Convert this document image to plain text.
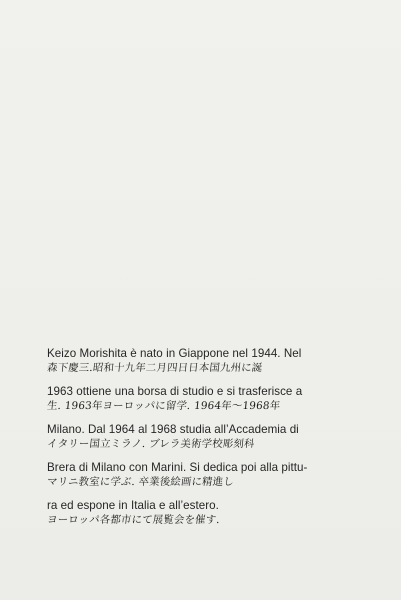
Keizo Morishita è nato in Giappone nel 1944. Nel
森下慶三.昭和十九年二月四日日本国九州に誕
1963 ottiene una borsa di studio e si trasferisce a
生. 1963年ヨーロッパに留学. 1964年〜1968年
Milano. Dal 1964 al 1968 studia all’Accademia di
イタリー国立ミラノ. ブレラ美術学校彫刻科
Brera di Milano con Marini. Si dedica poi alla pittu-
マリニ教室に学ぶ. 卒業後絵画に精進し
ra ed espone in Italia e all’estero.
ヨーロッパ各都市にて展覧会を催す.
